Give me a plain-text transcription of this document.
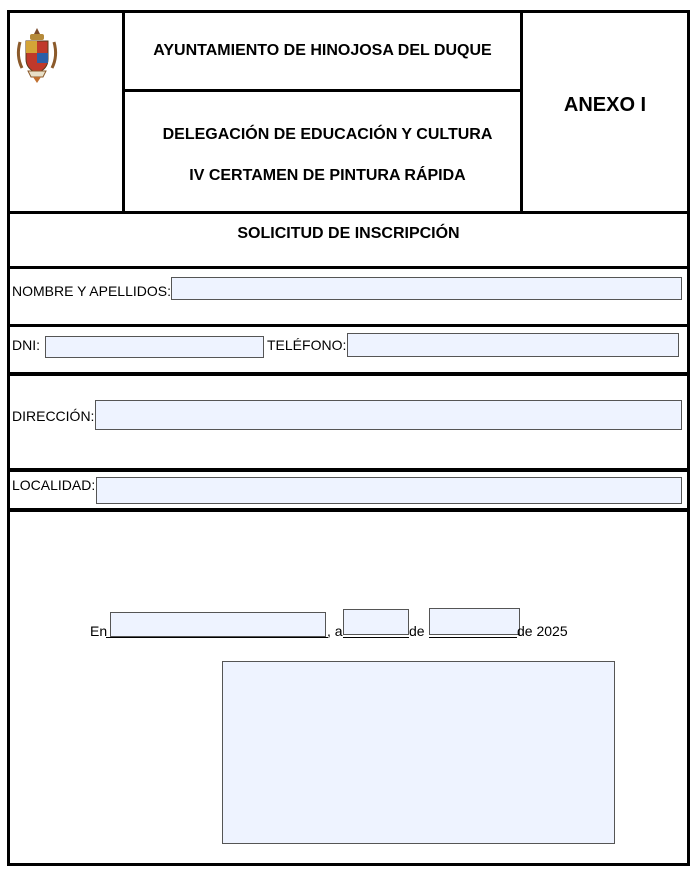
AYUNTAMIENTO DE HINOJOSA DEL DUQUE
DELEGACIÓN DE EDUCACIÓN Y CULTURA
IV CERTAMEN DE PINTURA RÁPIDA
ANEXO I
SOLICITUD DE INSCRIPCIÓN
NOMBRE Y APELLIDOS:
DNI:	TELÉFONO:
DIRECCIÓN:
LOCALIDAD:
En	, a	de	de 2025
